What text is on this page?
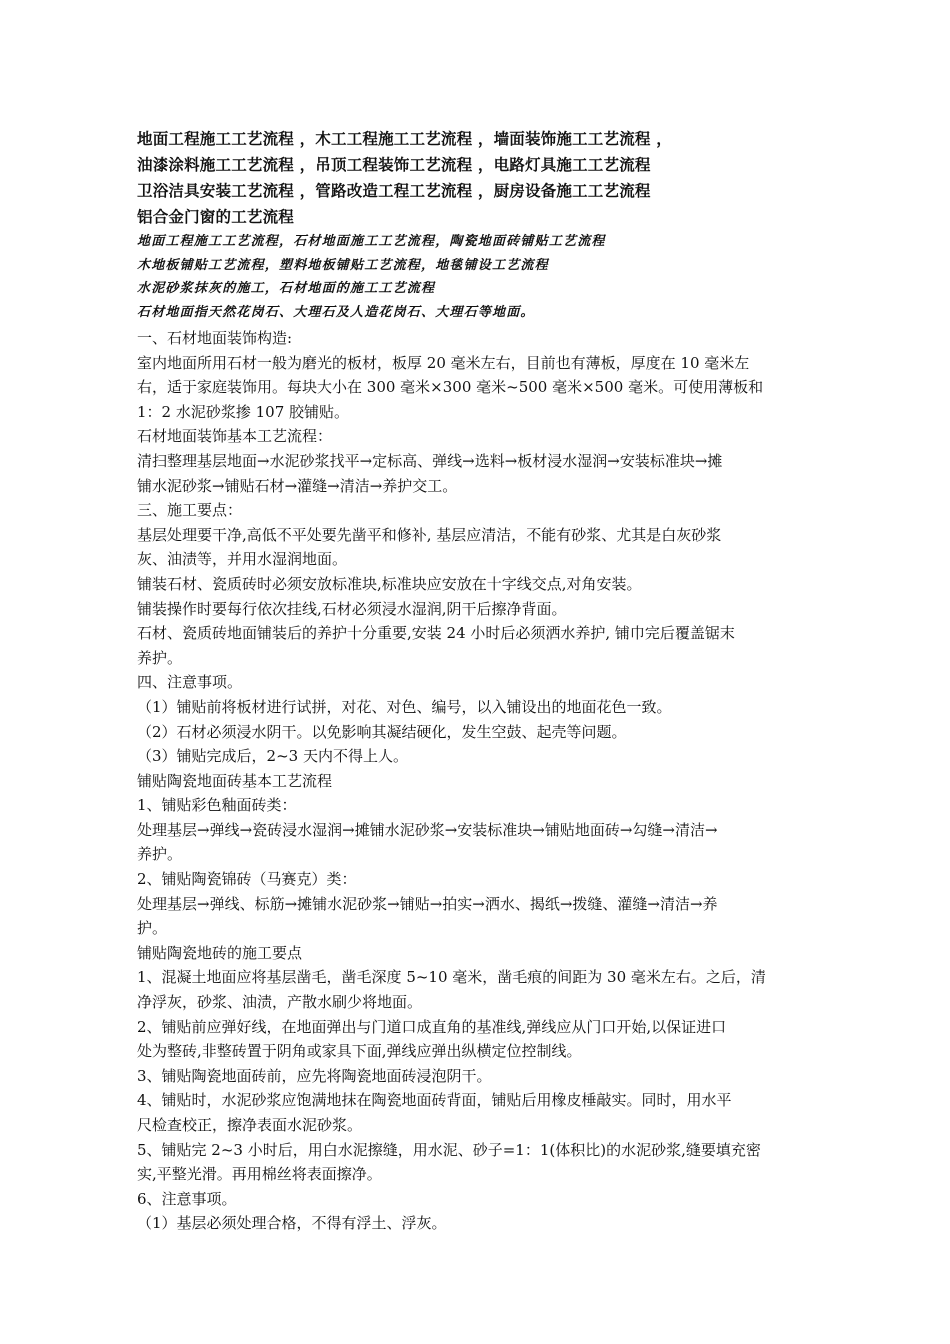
地面工程施工工艺流程 ，木工工程施工工艺流程 ，墙面装饰施工工艺流程 ，
油漆涂料施工工艺流程 ，吊顶工程装饰工艺流程 ，电路灯具施工工艺流程
卫浴洁具安装工艺流程 ，管路改造工程工艺流程 ，厨房设备施工工艺流程
铝合金门窗的工艺流程
地面工程施工工艺流程，石材地面施工工艺流程，陶瓷地面砖铺贴工艺流程
木地板铺贴工艺流程，塑料地板铺贴工艺流程，地毯铺设工艺流程
水泥砂浆抹灰的施工，石材地面的施工工艺流程
石材地面指天然花岗石、大理石及人造花岗石、大理石等地面。
一、石材地面装饰构造:
室内地面所用石材一般为磨光的板材，板厚 20 毫米左右，目前也有薄板，厚度在 10 毫米左
右，适于家庭装饰用。每块大小在 300 毫米×300 毫米~500 毫米×500 毫米。可使用薄板和
1：2 水泥砂浆掺 107 胶铺贴。
石材地面装饰基本工艺流程：
清扫整理基层地面→水泥砂浆找平→定标高、弹线→选料→板材浸水湿润→安装标准块→摊
铺水泥砂浆→铺贴石材→灌缝→清洁→养护交工。
三、施工要点：
基层处理要干净,高低不平处要先凿平和修补, 基层应清洁，不能有砂浆、尤其是白灰砂浆
灰、油渍等，并用水湿润地面。
铺装石材、瓷质砖时必须安放标准块,标准块应安放在十字线交点,对角安装。
铺装操作时要每行依次挂线,石材必须浸水湿润,阴干后擦净背面。
石材、瓷质砖地面铺装后的养护十分重要,安装 24 小时后必须洒水养护, 铺巾完后覆盖锯末
养护。
四、注意事项。
（1）铺贴前将板材进行试拼，对花、对色、编号，以入铺设出的地面花色一致。
（2）石材必须浸水阴干。以免影响其凝结硬化，发生空鼓、起壳等问题。
（3）铺贴完成后，2~3 天内不得上人。
铺贴陶瓷地面砖基本工艺流程
1、铺贴彩色釉面砖类：
处理基层→弹线→瓷砖浸水湿润→摊铺水泥砂浆→安装标准块→铺贴地面砖→勾缝→清洁→
养护。
2、铺贴陶瓷锦砖（马赛克）类：
处理基层→弹线、标筋→摊铺水泥砂浆→铺贴→拍实→洒水、揭纸→拨缝、灌缝→清洁→养
护。
铺贴陶瓷地砖的施工要点
1、混凝土地面应将基层凿毛，凿毛深度 5~10 毫米，凿毛痕的间距为 30 毫米左右。之后，清
净浮灰，砂浆、油渍，产散水刷少将地面。
2、铺贴前应弹好线，在地面弹出与门道口成直角的基准线,弹线应从门口开始,以保证进口
处为整砖,非整砖置于阴角或家具下面,弹线应弹出纵横定位控制线。
3、铺贴陶瓷地面砖前，应先将陶瓷地面砖浸泡阴干。
4、铺贴时，水泥砂浆应饱满地抹在陶瓷地面砖背面，铺贴后用橡皮棰敲实。同时，用水平
尺检查校正，擦净表面水泥砂浆。
5、铺贴完 2~3 小时后，用白水泥擦缝，用水泥、砂子=1：1(体积比)的水泥砂浆,缝要填充密
实,平整光滑。再用棉丝将表面擦净。
6、注意事项。
（1）基层必须处理合格，不得有浮土、浮灰。
